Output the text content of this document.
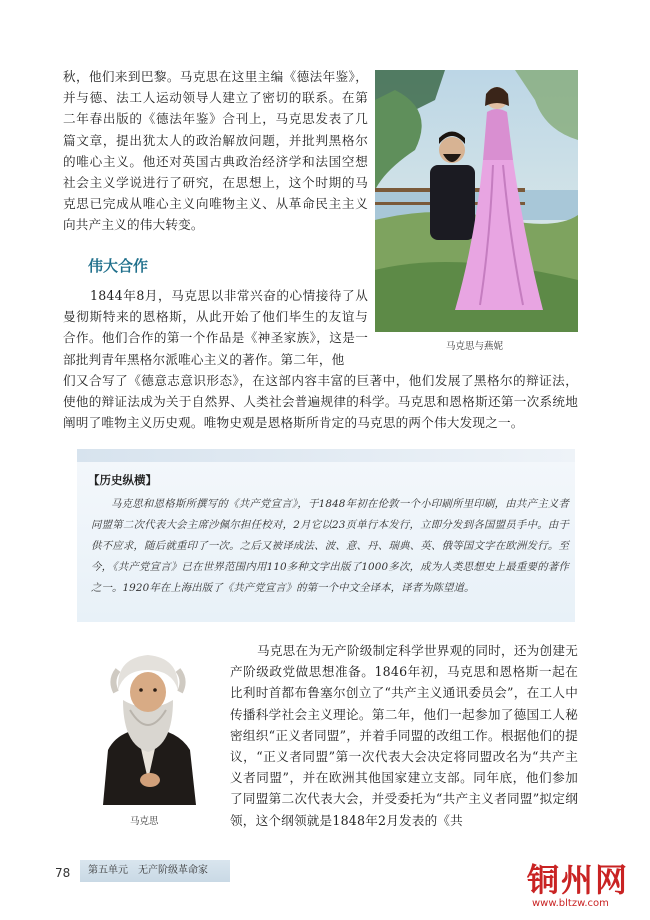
秋，他们来到巴黎。马克思在这里主编《德法年鉴》，并与德、法工人运动领导人建立了密切的联系。在第二年春出版的《德法年鉴》合刊上，马克思发表了几篇文章，提出犹太人的政治解放问题，并批判黑格尔的唯心主义。他还对英国古典政治经济学和法国空想社会主义学说进行了研究，在思想上，这个时期的马克思已完成从唯心主义向唯物主义、从革命民主主义向共产主义的伟大转变。

马克思与燕妮
伟大合作

1844年8月，马克思以非常兴奋的心情接待了从曼彻斯特来的恩格斯，从此开始了他们毕生的友谊与合作。他们合作的第一个作品是《神圣家族》，这是一部批判青年黑格尔派唯心主义的著作。第二年，他

们又合写了《德意志意识形态》，在这部内容丰富的巨著中，他们发展了黑格尔的辩证法，使他的辩证法成为关于自然界、人类社会普遍规律的科学。马克思和恩格斯还第一次系统地阐明了唯物主义历史观。唯物史观是恩格斯所肯定的马克思的两个伟大发现之一。

【历史纵横】

马克思和恩格斯所撰写的《共产党宣言》，于1848年初在伦敦一个小印刷所里印刷，由共产主义者同盟第二次代表大会主席沙佩尔担任校对，2月它以23页单行本发行，立即分发到各国盟员手中。由于供不应求，随后就重印了一次。之后又被译成法、波、意、丹、瑞典、英、俄等国文字在欧洲发行。至今，《共产党宣言》已在世界范围内用110多种文字出版了1000多次，成为人类思想史上最重要的著作之一。1920年在上海出版了《共产党宣言》的第一个中文全译本，译者为陈望道。

马克思

马克思在为无产阶级制定科学世界观的同时，还为创建无产阶级政党做思想准备。1846年初，马克思和恩格斯一起在比利时首都布鲁塞尔创立了“共产主义通讯委员会”，在工人中传播科学社会主义理论。第二年，他们一起参加了德国工人秘密组织“正义者同盟”，并着手同盟的改组工作。根据他们的提议，“正义者同盟”第一次代表大会决定将同盟改名为“共产主义者同盟”，并在欧洲其他国家建立支部。同年底，他们参加了同盟第二次代表大会，并受委托为“共产主义者同盟”拟定纲领，这个纲领就是1848年2月发表的《共

78	第五单元　无产阶级革命家	铜州网
www.bltzw.com
